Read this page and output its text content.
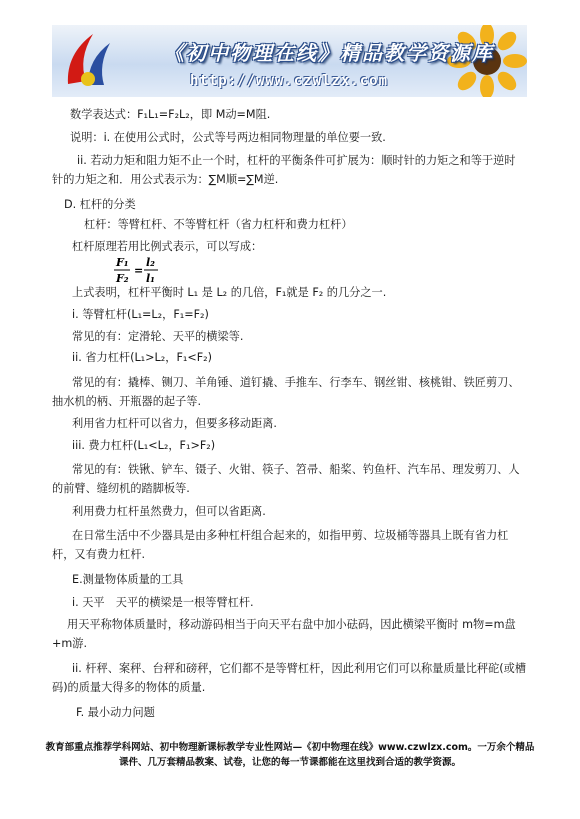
《初中物理在线》精品教学资源库
http://www.czwlzx.com
数学表达式：F₁L₁=F₂L₂，即 M动=M阻.
说明：i. 在使用公式时，公式等号两边相同物理量的单位要一致.
ii. 若动力矩和阻力矩不止一个时，杠杆的平衡条件可扩展为：顺时针的力矩之和等于逆时针的力矩之和．用公式表示为：∑M顺=∑M逆.
D. 杠杆的分类
杠杆：等臂杠杆、不等臂杠杆（省力杠杆和费力杠杆）
杠杆原理若用比例式表示，可以写成：
F₁
F₂
=
l₂
l₁
上式表明，杠杆平衡时 L₁ 是 L₂ 的几倍，F₁就是 F₂ 的几分之一.
i. 等臂杠杆(L₁=L₂，F₁=F₂)
常见的有：定滑轮、天平的横梁等.
ii. 省力杠杆(L₁>L₂，F₁<F₂)
常见的有：撬棒、铡刀、羊角锤、道钉撬、手推车、行李车、钢丝钳、核桃钳、铁匠剪刀、抽水机的柄、开瓶器的起子等.
利用省力杠杆可以省力，但要多移动距离.
iii. 费力杠杆(L₁<L₂，F₁>F₂)
常见的有：铁锹、铲车、镊子、火钳、筷子、笤帚、船桨、钓鱼杆、汽车吊、理发剪刀、人的前臂、缝纫机的踏脚板等.
利用费力杠杆虽然费力，但可以省距离.
在日常生活中不少器具是由多种杠杆组合起来的，如指甲剪、垃圾桶等器具上既有省力杠杆，又有费力杠杆.
E.测量物体质量的工具
i. 天平　天平的横梁是一根等臂杠杆.
用天平称物体质量时，移动游码相当于向天平右盘中加小砝码，因此横梁平衡时 m物=m盘+m游.
ii. 杆秤、案秤、台秤和磅秤，它们都不是等臂杠杆，因此利用它们可以称量质量比秤砣(或槽码)的质量大得多的物体的质量.
F. 最小动力问题
教育部重点推荐学科网站、初中物理新课标教学专业性网站—《初中物理在线》www.czwlzx.com。一万余个精品
课件、几万套精品教案、试卷，让您的每一节课都能在这里找到合适的教学资源。
